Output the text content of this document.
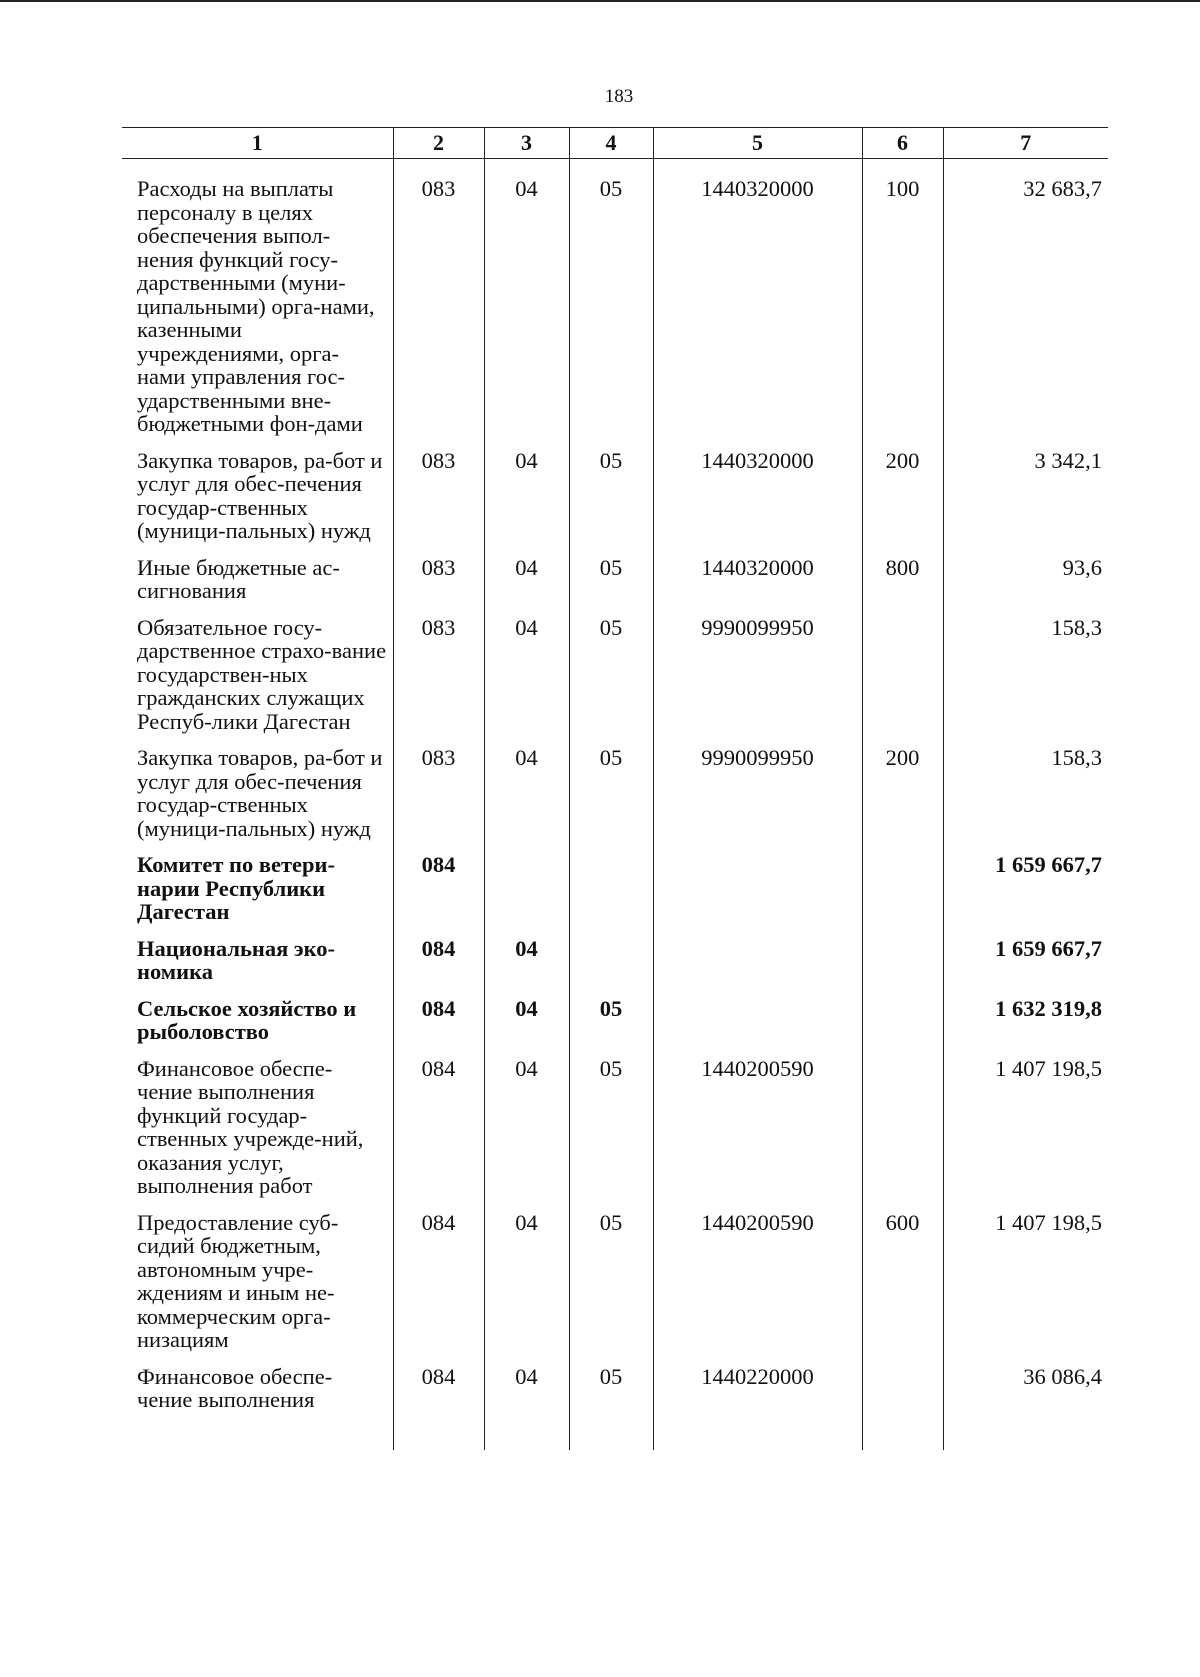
183
1	2	3	4	5	6	7

Расходы на выплаты персоналу в целях обеспечения выпол-нения функций госу-дарственными (муни-ципальными) орга-нами, казенными учреждениями, орга-нами управления гос-ударственными вне-бюджетными фон-дами	083	04	05	1440320000	100	32 683,7
Закупка товаров, ра-бот и услуг для обес-печения государ-ственных (муници-пальных) нужд	083	04	05	1440320000	200	3 342,1
Иные бюджетные ас-сигнования	083	04	05	1440320000	800	93,6
Обязательное госу-дарственное страхо-вание государствен-ных гражданских служащих Респуб-лики Дагестан	083	04	05	9990099950		158,3
Закупка товаров, ра-бот и услуг для обес-печения государ-ственных (муници-пальных) нужд	083	04	05	9990099950	200	158,3
Комитет по ветери-нарии Республики Дагестан	084					1 659 667,7
Национальная эко-номика	084	04				1 659 667,7
Сельское хозяйство и рыболовство	084	04	05			1 632 319,8
Финансовое обеспе-чение выполнения функций государ-ственных учрежде-ний, оказания услуг, выполнения работ	084	04	05	1440200590		1 407 198,5
Предоставление суб-сидий бюджетным, автономным учре-ждениям и иным не-коммерческим орга-низациям	084	04	05	1440200590	600	1 407 198,5
Финансовое обеспе-чение выполнения	084	04	05	1440220000		36 086,4
